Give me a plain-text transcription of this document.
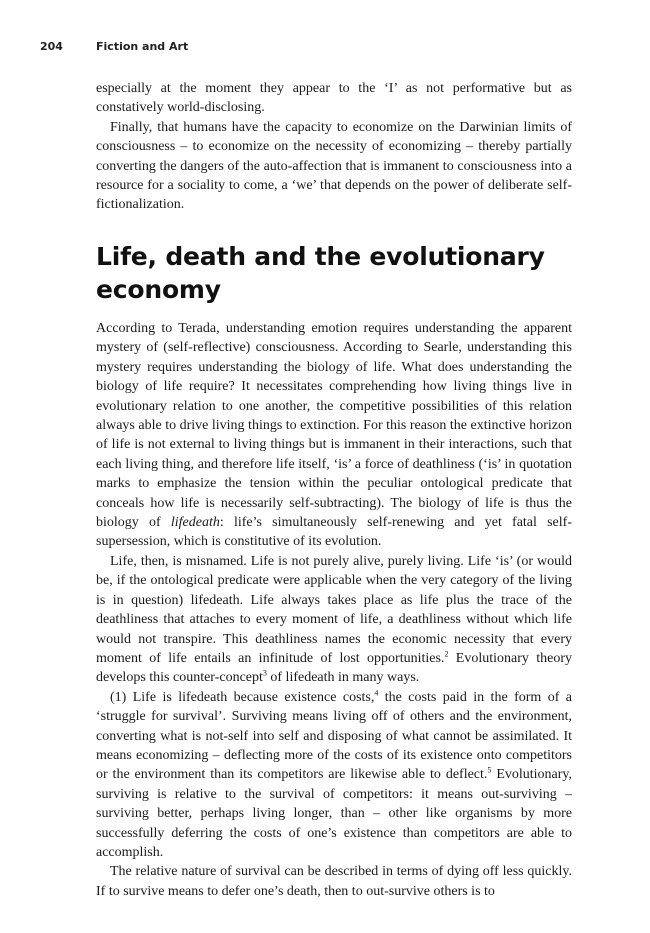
204	Fiction and Art

especially at the moment they appear to the ‘I’ as not performative but as constatively world-disclosing.

Finally, that humans have the capacity to economize on the Darwinian limits of consciousness – to economize on the necessity of economizing – thereby partially converting the dangers of the auto-affection that is immanent to consciousness into a resource for a sociality to come, a ‘we’ that depends on the power of deliberate self-fictionalization.

Life, death and the evolutionary
economy

According to Terada, understanding emotion requires understanding the apparent mystery of (self-reflective) consciousness. According to Searle, understanding this mystery requires understanding the biology of life. What does understanding the biology of life require? It necessitates comprehending how living things live in evolutionary relation to one another, the competitive possibilities of this relation always able to drive living things to extinction. For this reason the extinctive horizon of life is not external to living things but is immanent in their interactions, such that each living thing, and therefore life itself, ‘is’ a force of deathliness (‘is’ in quotation marks to emphasize the tension within the peculiar ontological predicate that conceals how life is necessarily self-subtracting). The biology of life is thus the biology of lifedeath: life’s simultaneously self-renewing and yet fatal self-supersession, which is constitutive of its evolution.

Life, then, is misnamed. Life is not purely alive, purely living. Life ‘is’ (or would be, if the ontological predicate were applicable when the very category of the living is in question) lifedeath. Life always takes place as life plus the trace of the deathliness that attaches to every moment of life, a deathliness without which life would not transpire. This deathliness names the economic necessity that every moment of life entails an infinitude of lost opportunities.$^2$ Evolutionary theory develops this counter-concept$^3$ of lifedeath in many ways.

(1) Life is lifedeath because existence costs,$^4$ the costs paid in the form of a ‘struggle for survival’. Surviving means living off of others and the environment, converting what is not-self into self and disposing of what cannot be assimilated. It means economizing – deflecting more of the costs of its existence onto competitors or the environment than its competitors are likewise able to deflect.$^5$ Evolutionary, surviving is relative to the survival of competitors: it means out-surviving – surviving better, perhaps living longer, than – other like organisms by more successfully deferring the costs of one’s existence than competitors are able to accomplish.

The relative nature of survival can be described in terms of dying off less quickly. If to survive means to defer one’s death, then to out-survive others is to
